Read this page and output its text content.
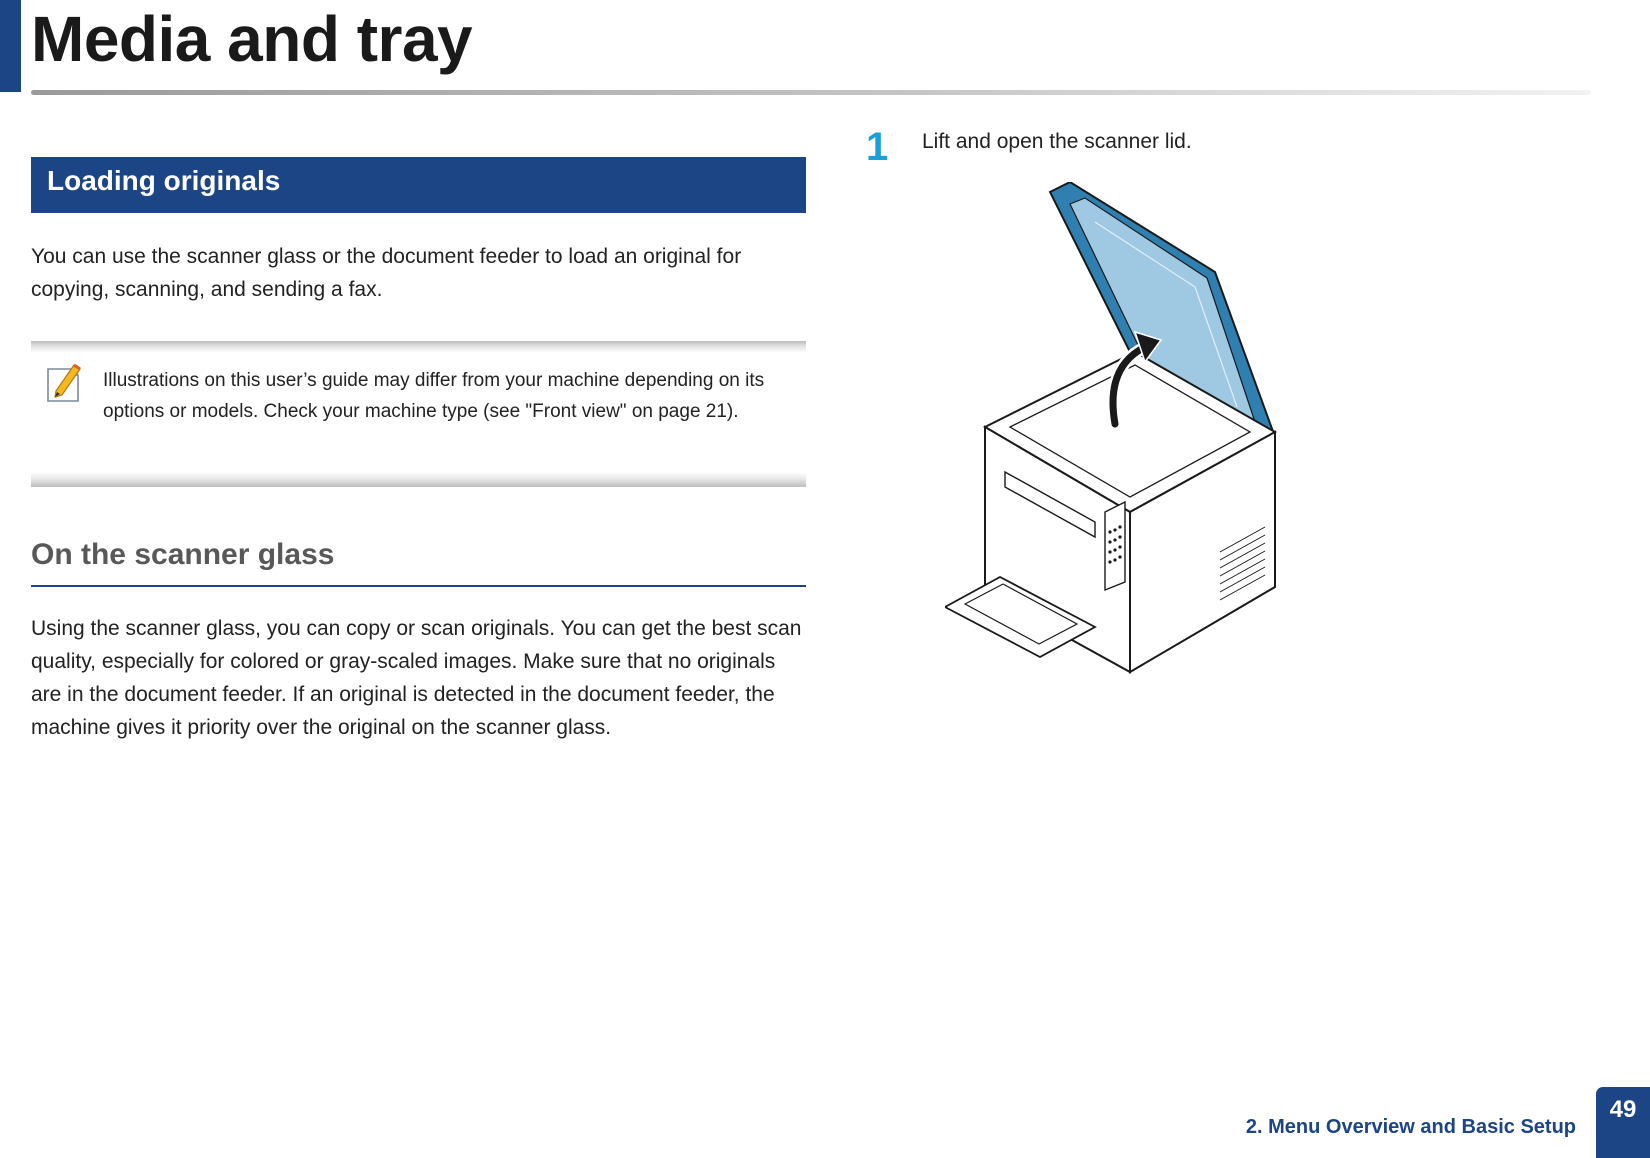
Media and tray
Loading originals

You can use the scanner glass or the document feeder to load an original for copying, scanning, and sending a fax.

Illustrations on this user’s guide may differ from your machine depending on its options or models. Check your machine type (see "Front view" on page 21).

On the scanner glass

Using the scanner glass, you can copy or scan originals. You can get the best scan quality, especially for colored or gray-scaled images. Make sure that no originals are in the document feeder. If an original is detected in the document feeder, the machine gives it priority over the original on the scanner glass.

1 Lift and open the scanner lid.
2. Menu Overview and Basic Setup
49
